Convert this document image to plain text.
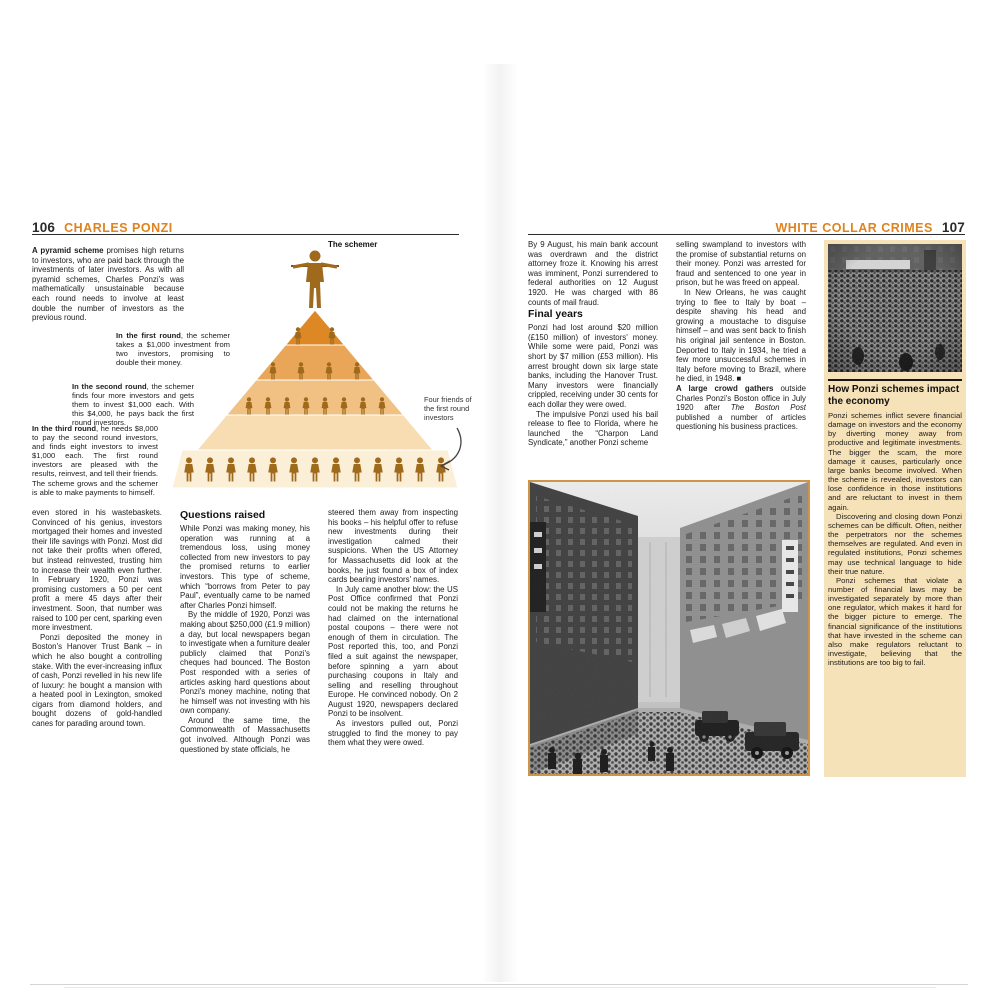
106 CHARLES PONZI	WHITE COLLAR CRIMES 107

A pyramid scheme promises high returns to investors, who are paid back through the investments of later investors. As with all pyramid schemes, Charles Ponzi's was mathematically unsustainable because each round needs to involve at least double the number of investors as the previous round.

The schemer
In the first round, the schemer takes a $1,000 investment from two investors, promising to double their money.
In the second round, the schemer finds four more investors and gets them to invest $1,000 each. With this $4,000, he pays back the first round investors.
In the third round, he needs $8,000 to pay the second round investors, and finds eight investors to invest $1,000 each. The first round investors are pleased with the results, reinvest, and tell their friends. The scheme grows and the schemer is able to make payments to himself.
Four friends of the first round investors

even stored in his wastebaskets. Convinced of his genius, investors mortgaged their homes and invested their life savings with Ponzi. Most did not take their profits when offered, but instead reinvested, trusting him to increase their wealth even further. In February 1920, Ponzi was promising customers a 50 per cent profit a mere 45 days after their investment. Soon, that number was raised to 100 per cent, sparking even more investment.

Ponzi deposited the money in Boston's Hanover Trust Bank – in which he also bought a controlling stake. With the ever-increasing influx of cash, Ponzi revelled in his new life of luxury: he bought a mansion with a heated pool in Lexington, smoked cigars from diamond holders, and bought dozens of gold-handled canes for parading around town.

Questions raised

While Ponzi was making money, his operation was running at a tremendous loss, using money collected from new investors to pay the promised returns to earlier investors. This type of scheme, which “borrows from Peter to pay Paul”, eventually came to be named after Charles Ponzi himself.

By the middle of 1920, Ponzi was making about $250,000 (£1.9 million) a day, but local newspapers began to investigate when a furniture dealer publicly claimed that Ponzi's cheques had bounced. The Boston Post responded with a series of articles asking hard questions about Ponzi's money machine, noting that he himself was not investing with his own company.

Around the same time, the Commonwealth of Massachusetts got involved. Although Ponzi was questioned by state officials, he

steered them away from inspecting his books – his helpful offer to refuse new investments during their investigation calmed their suspicions. When the US Attorney for Massachusetts did look at the books, he just found a box of index cards bearing investors' names.

In July came another blow: the US Post Office confirmed that Ponzi could not be making the returns he had claimed on the international postal coupons – there were not enough of them in circulation. The Post reported this, too, and Ponzi filed a suit against the newspaper, before spinning a yarn about purchasing coupons in Italy and selling and reselling throughout Europe. He convinced nobody. On 2 August 1920, newspapers declared Ponzi to be insolvent.

As investors pulled out, Ponzi struggled to find the money to pay them what they were owed.

By 9 August, his main bank account was overdrawn and the district attorney froze it. Knowing his arrest was imminent, Ponzi surrendered to federal authorities on 12 August 1920. He was charged with 86 counts of mail fraud.

Final years

Ponzi had lost around $20 million (£150 million) of investors' money. While some were paid, Ponzi was short by $7 million (£53 million). His arrest brought down six large state banks, including the Hanover Trust. Many investors were financially crippled, receiving under 30 cents for each dollar they were owed.

The impulsive Ponzi used his bail release to flee to Florida, where he launched the “Charpon Land Syndicate,” another Ponzi scheme

selling swampland to investors with the promise of substantial returns on their money. Ponzi was arrested for fraud and sentenced to one year in prison, but he was freed on appeal.

In New Orleans, he was caught trying to flee to Italy by boat – despite shaving his head and growing a moustache to disguise himself – and was sent back to finish his original jail sentence in Boston. Deported to Italy in 1934, he tried a few more unsuccessful schemes in Italy before moving to Brazil, where he died, in 1948. ■

A large crowd gathers outside Charles Ponzi's Boston office in July 1920 after The Boston Post published a number of articles questioning his business practices.

How Ponzi schemes impact the economy

Ponzi schemes inflict severe financial damage on investors and the economy by diverting money away from productive and legitimate investments. The bigger the scam, the more damage it causes, particularly once large banks become involved. When the scheme is revealed, investors can lose confidence in those institutions and are reluctant to invest in them again.

Discovering and closing down Ponzi schemes can be difficult. Often, neither the perpetrators nor the schemes themselves are regulated. And even in regulated institutions, Ponzi schemes may use technical language to hide their true nature.

Ponzi schemes that violate a number of financial laws may be investigated separately by more than one regulator, which makes it hard for the bigger picture to emerge. The financial significance of the institutions that have invested in the scheme can also make regulators reluctant to investigate, believing that the institutions are too big to fail.
